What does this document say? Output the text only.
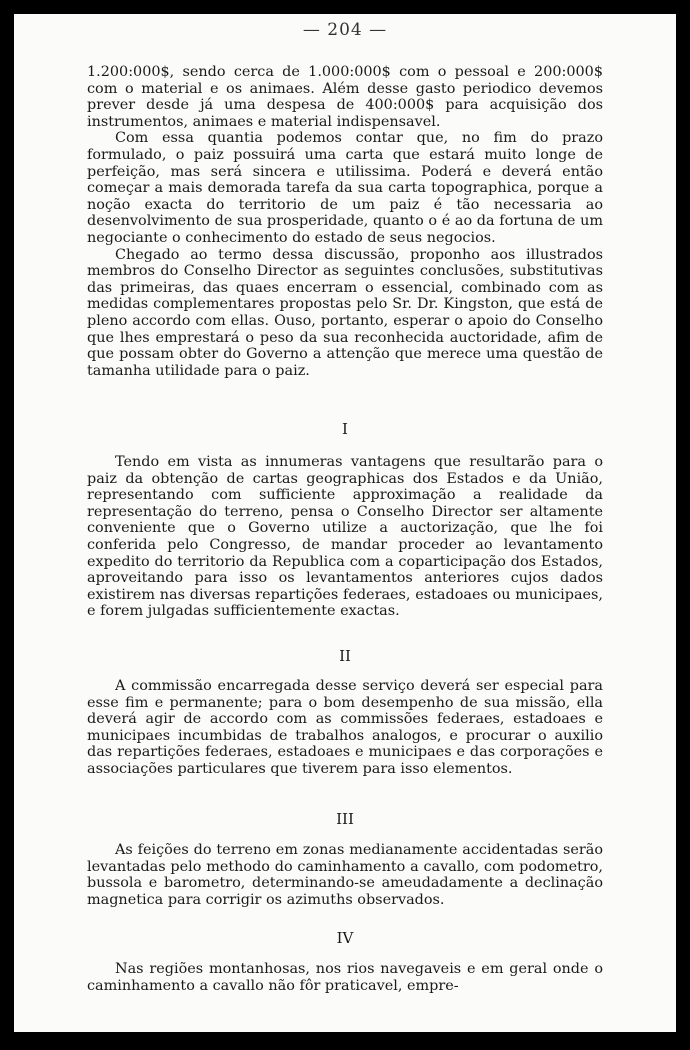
— 204 —

1.200:000$, sendo cerca de 1.000:000$ com o pessoal e 200:000$ com o material e os animaes. Além desse gasto periodico devemos prever desde já uma despesa de 400:000$ para acquisição dos instrumentos, animaes e material indispensavel.

Com essa quantia podemos contar que, no fim do prazo formulado, o paiz possuirá uma carta que estará muito longe de perfeição, mas será sincera e utilissima. Poderá e deverá então começar a mais demorada tarefa da sua carta topographica, porque a noção exacta do territorio de um paiz é tão necessaria ao desenvolvimento de sua prosperidade, quanto o é ao da fortuna de um negociante o conhecimento do estado de seus negocios.

Chegado ao termo dessa discussão, proponho aos illustrados membros do Conselho Director as seguintes conclusões, substitutivas das primeiras, das quaes encerram o essencial, combinado com as medidas complementares propostas pelo Sr. Dr. Kingston, que está de pleno accordo com ellas. Ouso, portanto, esperar o apoio do Conselho que lhes emprestará o peso da sua reconhecida auctoridade, afim de que possam obter do Governo a attenção que merece uma questão de tamanha utilidade para o paiz.

I

Tendo em vista as innumeras vantagens que resultarão para o paiz da obtenção de cartas geographicas dos Estados e da União, representando com sufficiente approximação a realidade da representação do terreno, pensa o Conselho Director ser altamente conveniente que o Governo utilize a auctorização, que lhe foi conferida pelo Congresso, de mandar proceder ao levantamento expedito do territorio da Republica com a coparticipação dos Estados, aproveitando para isso os levantamentos anteriores cujos dados existirem nas diversas repartições federaes, estadoaes ou municipaes, e forem julgadas sufficientemente exactas.

II

A commissão encarregada desse serviço deverá ser especial para esse fim e permanente; para o bom desempenho de sua missão, ella deverá agir de accordo com as commissões federaes, estadoaes e municipaes incumbidas de trabalhos analogos, e procurar o auxilio das repartições federaes, estadoaes e municipaes e das corporações e associações particulares que tiverem para isso elementos.

III

As feições do terreno em zonas medianamente accidentadas serão levantadas pelo methodo do caminhamento a cavallo, com podometro, bussola e barometro, determinando-se ameudadamente a declinação magnetica para corrigir os azimuths observados.

IV

Nas regiões montanhosas, nos rios navegaveis e em geral onde o caminhamento a cavallo não fôr praticavel, empre-
